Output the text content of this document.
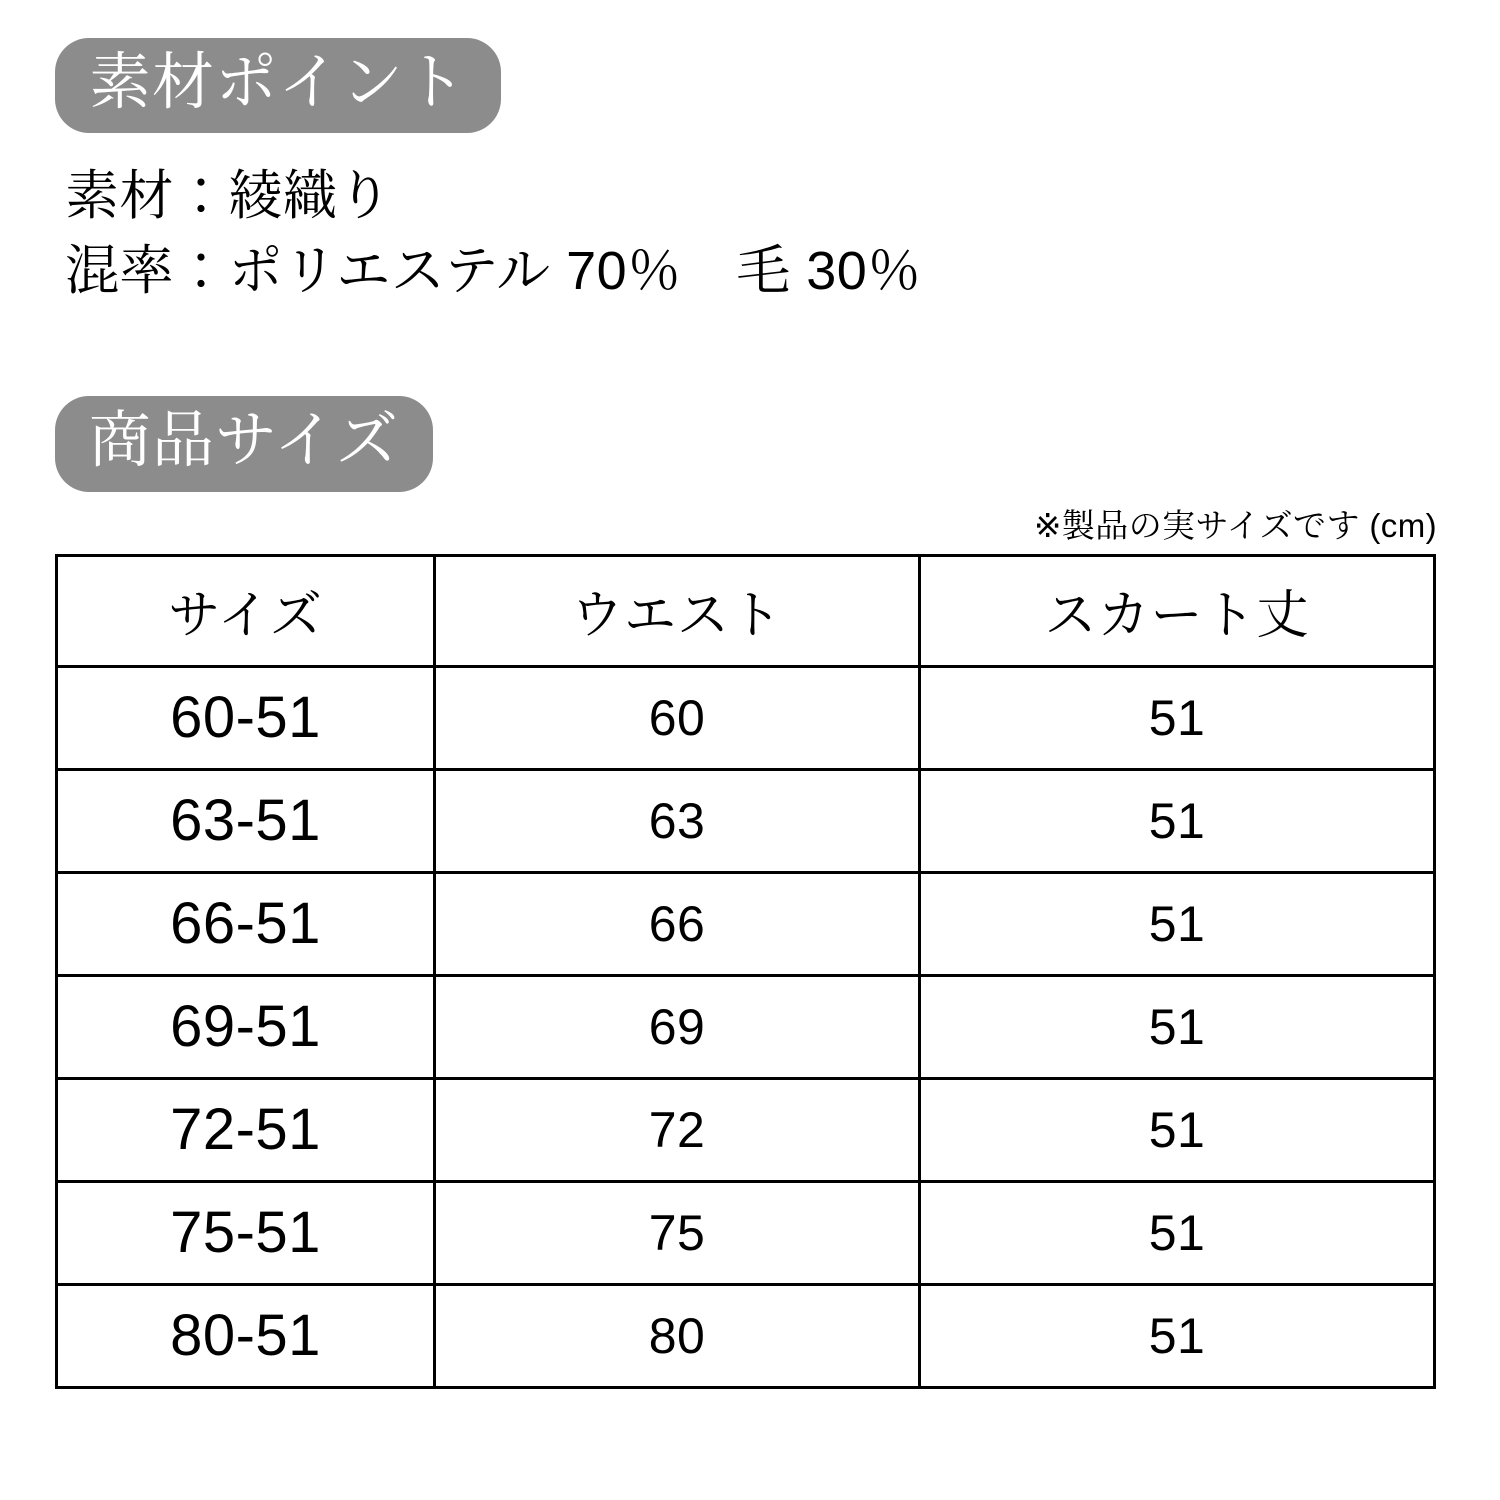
素材ポイント
素材：綾織り
混率：ポリエステル 70％　毛 30％
商品サイズ
※製品の実サイズです (cm)
サイズ	ウエスト	スカート丈
60-51	60	51
63-51	63	51
66-51	66	51
69-51	69	51
72-51	72	51
75-51	75	51
80-51	80	51
